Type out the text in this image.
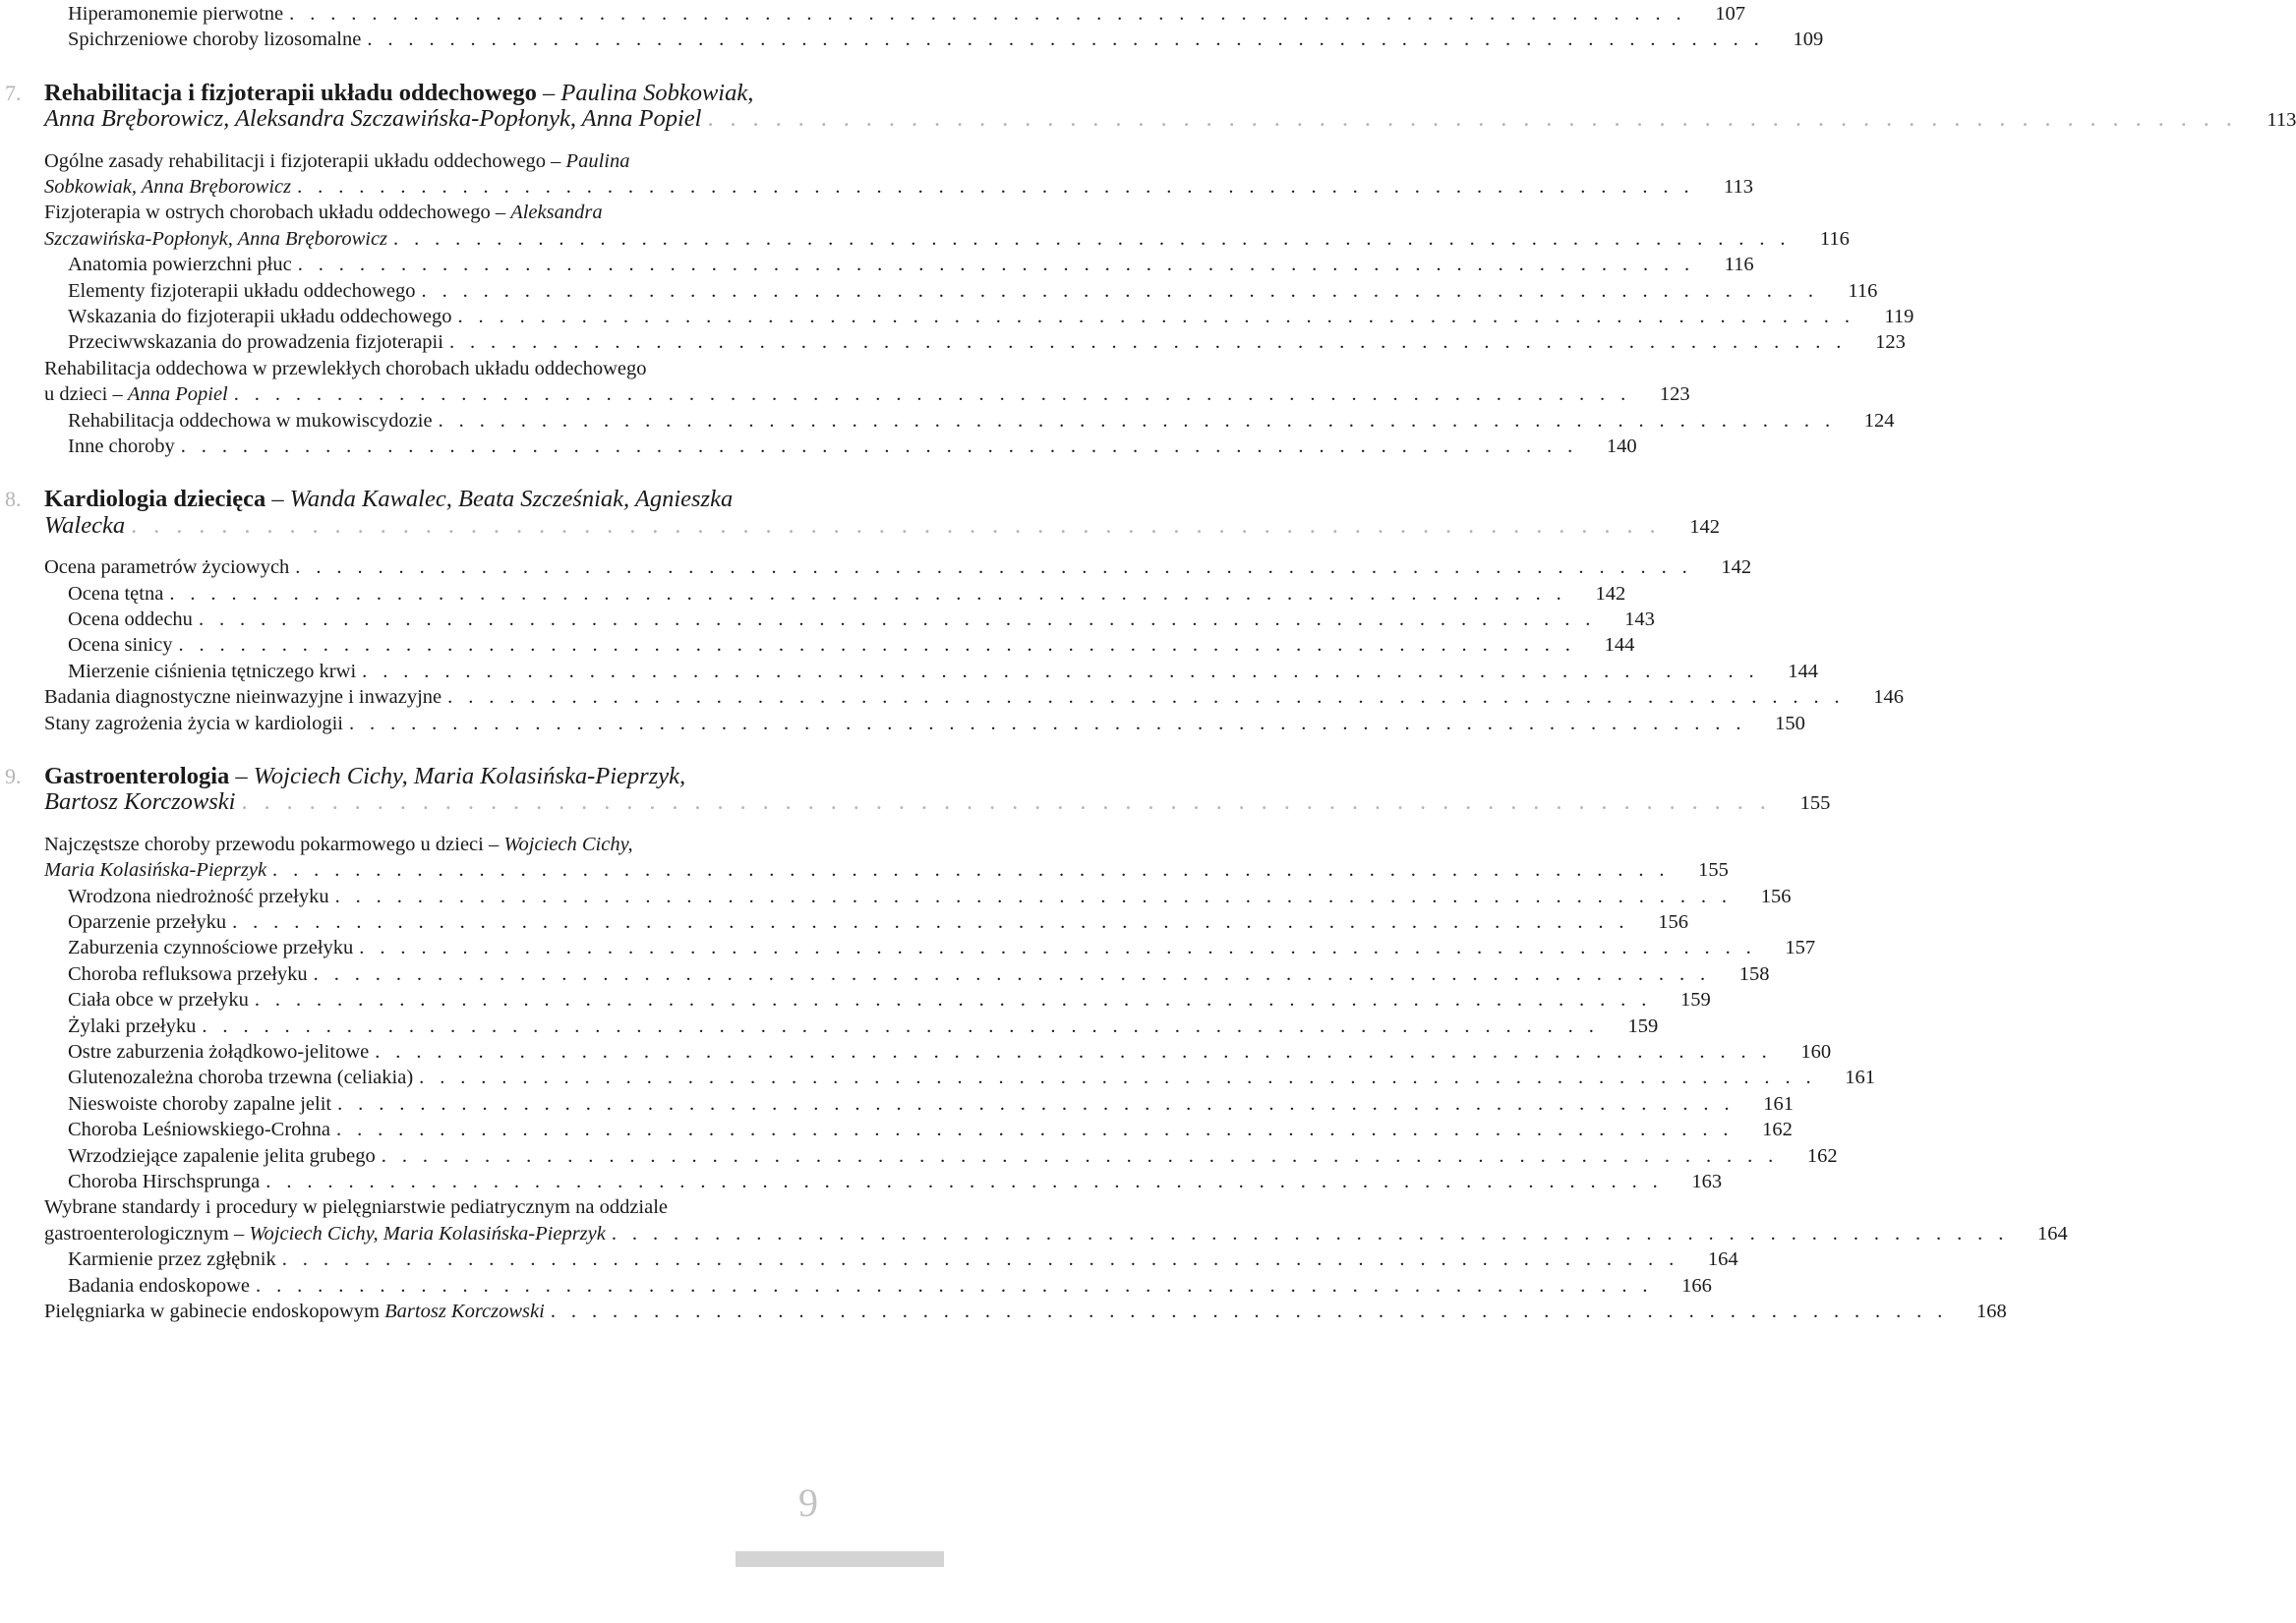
Hiperamonemie pierwotne . . . . . . . . . . . . . . . . . . . . . . . . . . . . . . . . . . . . . . . . . . . . . . . . . . . . . . . . . . . . . . . . . . . .	107
Spichrzeniowe choroby lizosomalne . . . . . . . . . . . . . . . . . . . . . . . . . . . . . . . . . . . . . . . . . . . . . . . . . . . . . . . . . . . . . . . . . . . .	109
7. Rehabilitacja i fizjoterapii układu oddechowego – Paulina Sobkowiak,
Anna Bręborowicz, Aleksandra Szczawińska-Popłonyk, Anna Popiel . . . . . . . . . . . . . . . . . . . . . . . . . . . . . . . . . . . . . . . . . . . . . . . . . . . . . . . . . . . . . . . . . . . .	113
Ogólne zasady rehabilitacji i fizjoterapii układu oddechowego – Paulina
Sobkowiak, Anna Bręborowicz . . . . . . . . . . . . . . . . . . . . . . . . . . . . . . . . . . . . . . . . . . . . . . . . . . . . . . . . . . . . . . . . . . . .	113
Fizjoterapia w ostrych chorobach układu oddechowego – Aleksandra
Szczawińska-Popłonyk, Anna Bręborowicz . . . . . . . . . . . . . . . . . . . . . . . . . . . . . . . . . . . . . . . . . . . . . . . . . . . . . . . . . . . . . . . . . . . .	116
Anatomia powierzchni płuc . . . . . . . . . . . . . . . . . . . . . . . . . . . . . . . . . . . . . . . . . . . . . . . . . . . . . . . . . . . . . . . . . . . .	116
Elementy fizjoterapii układu oddechowego . . . . . . . . . . . . . . . . . . . . . . . . . . . . . . . . . . . . . . . . . . . . . . . . . . . . . . . . . . . . . . . . . . . .	116
Wskazania do fizjoterapii układu oddechowego . . . . . . . . . . . . . . . . . . . . . . . . . . . . . . . . . . . . . . . . . . . . . . . . . . . . . . . . . . . . . . . . . . . .	119
Przeciwwskazania do prowadzenia fizjoterapii . . . . . . . . . . . . . . . . . . . . . . . . . . . . . . . . . . . . . . . . . . . . . . . . . . . . . . . . . . . . . . . . . . . .	123
Rehabilitacja oddechowa w przewlekłych chorobach układu oddechowego
u dzieci – Anna Popiel . . . . . . . . . . . . . . . . . . . . . . . . . . . . . . . . . . . . . . . . . . . . . . . . . . . . . . . . . . . . . . . . . . . .	123
Rehabilitacja oddechowa w mukowiscydozie . . . . . . . . . . . . . . . . . . . . . . . . . . . . . . . . . . . . . . . . . . . . . . . . . . . . . . . . . . . . . . . . . . . .	124
Inne choroby . . . . . . . . . . . . . . . . . . . . . . . . . . . . . . . . . . . . . . . . . . . . . . . . . . . . . . . . . . . . . . . . . . . .	140
8. Kardiologia dziecięca – Wanda Kawalec, Beata Szcześniak, Agnieszka
Walecka . . . . . . . . . . . . . . . . . . . . . . . . . . . . . . . . . . . . . . . . . . . . . . . . . . . . . . . . . . . . . . . . . . . .	142
Ocena parametrów życiowych . . . . . . . . . . . . . . . . . . . . . . . . . . . . . . . . . . . . . . . . . . . . . . . . . . . . . . . . . . . . . . . . . . . .	142
Ocena tętna . . . . . . . . . . . . . . . . . . . . . . . . . . . . . . . . . . . . . . . . . . . . . . . . . . . . . . . . . . . . . . . . . . . .	142
Ocena oddechu . . . . . . . . . . . . . . . . . . . . . . . . . . . . . . . . . . . . . . . . . . . . . . . . . . . . . . . . . . . . . . . . . . . .	143
Ocena sinicy . . . . . . . . . . . . . . . . . . . . . . . . . . . . . . . . . . . . . . . . . . . . . . . . . . . . . . . . . . . . . . . . . . . .	144
Mierzenie ciśnienia tętniczego krwi . . . . . . . . . . . . . . . . . . . . . . . . . . . . . . . . . . . . . . . . . . . . . . . . . . . . . . . . . . . . . . . . . . . .	144
Badania diagnostyczne nieinwazyjne i inwazyjne . . . . . . . . . . . . . . . . . . . . . . . . . . . . . . . . . . . . . . . . . . . . . . . . . . . . . . . . . . . . . . . . . . . .	146
Stany zagrożenia życia w kardiologii . . . . . . . . . . . . . . . . . . . . . . . . . . . . . . . . . . . . . . . . . . . . . . . . . . . . . . . . . . . . . . . . . . . .	150
9. Gastroenterologia – Wojciech Cichy, Maria Kolasińska-Pieprzyk,
Bartosz Korczowski . . . . . . . . . . . . . . . . . . . . . . . . . . . . . . . . . . . . . . . . . . . . . . . . . . . . . . . . . . . . . . . . . . . .	155
Najczęstsze choroby przewodu pokarmowego u dzieci – Wojciech Cichy,
Maria Kolasińska-Pieprzyk . . . . . . . . . . . . . . . . . . . . . . . . . . . . . . . . . . . . . . . . . . . . . . . . . . . . . . . . . . . . . . . . . . . .	155
Wrodzona niedrożność przełyku . . . . . . . . . . . . . . . . . . . . . . . . . . . . . . . . . . . . . . . . . . . . . . . . . . . . . . . . . . . . . . . . . . . .	156
Oparzenie przełyku . . . . . . . . . . . . . . . . . . . . . . . . . . . . . . . . . . . . . . . . . . . . . . . . . . . . . . . . . . . . . . . . . . . .	156
Zaburzenia czynnościowe przełyku . . . . . . . . . . . . . . . . . . . . . . . . . . . . . . . . . . . . . . . . . . . . . . . . . . . . . . . . . . . . . . . . . . . .	157
Choroba refluksowa przełyku . . . . . . . . . . . . . . . . . . . . . . . . . . . . . . . . . . . . . . . . . . . . . . . . . . . . . . . . . . . . . . . . . . . .	158
Ciała obce w przełyku . . . . . . . . . . . . . . . . . . . . . . . . . . . . . . . . . . . . . . . . . . . . . . . . . . . . . . . . . . . . . . . . . . . .	159
Żylaki przełyku . . . . . . . . . . . . . . . . . . . . . . . . . . . . . . . . . . . . . . . . . . . . . . . . . . . . . . . . . . . . . . . . . . . .	159
Ostre zaburzenia żołądkowo-jelitowe . . . . . . . . . . . . . . . . . . . . . . . . . . . . . . . . . . . . . . . . . . . . . . . . . . . . . . . . . . . . . . . . . . . .	160
Glutenozależna choroba trzewna (celiakia) . . . . . . . . . . . . . . . . . . . . . . . . . . . . . . . . . . . . . . . . . . . . . . . . . . . . . . . . . . . . . . . . . . . .	161
Nieswoiste choroby zapalne jelit . . . . . . . . . . . . . . . . . . . . . . . . . . . . . . . . . . . . . . . . . . . . . . . . . . . . . . . . . . . . . . . . . . . .	161
Choroba Leśniowskiego-Crohna . . . . . . . . . . . . . . . . . . . . . . . . . . . . . . . . . . . . . . . . . . . . . . . . . . . . . . . . . . . . . . . . . . . .	162
Wrzodziejące zapalenie jelita grubego . . . . . . . . . . . . . . . . . . . . . . . . . . . . . . . . . . . . . . . . . . . . . . . . . . . . . . . . . . . . . . . . . . . .	162
Choroba Hirschsprunga . . . . . . . . . . . . . . . . . . . . . . . . . . . . . . . . . . . . . . . . . . . . . . . . . . . . . . . . . . . . . . . . . . . .	163
Wybrane standardy i procedury w pielęgniarstwie pediatrycznym na oddziale
gastroenterologicznym – Wojciech Cichy, Maria Kolasińska-Pieprzyk . . . . . . . . . . . . . . . . . . . . . . . . . . . . . . . . . . . . . . . . . . . . . . . . . . . . . . . . . . . . . . . . . . . .	164
Karmienie przez zgłębnik . . . . . . . . . . . . . . . . . . . . . . . . . . . . . . . . . . . . . . . . . . . . . . . . . . . . . . . . . . . . . . . . . . . .	164
Badania endoskopowe . . . . . . . . . . . . . . . . . . . . . . . . . . . . . . . . . . . . . . . . . . . . . . . . . . . . . . . . . . . . . . . . . . . .	166
Pielęgniarka w gabinecie endoskopowym Bartosz Korczowski . . . . . . . . . . . . . . . . . . . . . . . . . . . . . . . . . . . . . . . . . . . . . . . . . . . . . . . . . . . . . . . . . . . .	168
9
